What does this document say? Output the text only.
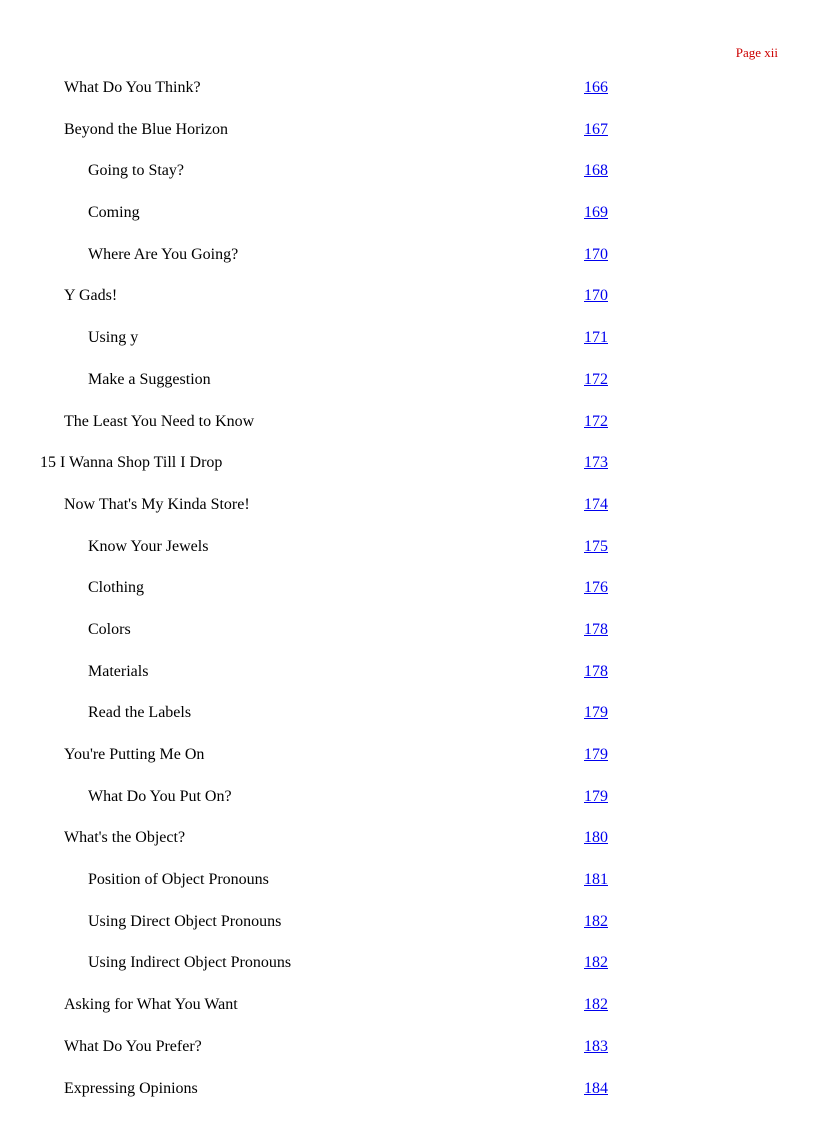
Page xii
What Do You Think?	166
Beyond the Blue Horizon	167
Going to Stay?	168
Coming	169
Where Are You Going?	170
Y Gads!	170
Using y	171
Make a Suggestion	172
The Least You Need to Know	172
15 I Wanna Shop Till I Drop	173
Now That's My Kinda Store!	174
Know Your Jewels	175
Clothing	176
Colors	178
Materials	178
Read the Labels	179
You're Putting Me On	179
What Do You Put On?	179
What's the Object?	180
Position of Object Pronouns	181
Using Direct Object Pronouns	182
Using Indirect Object Pronouns	182
Asking for What You Want	182
What Do You Prefer?	183
Expressing Opinions	184
